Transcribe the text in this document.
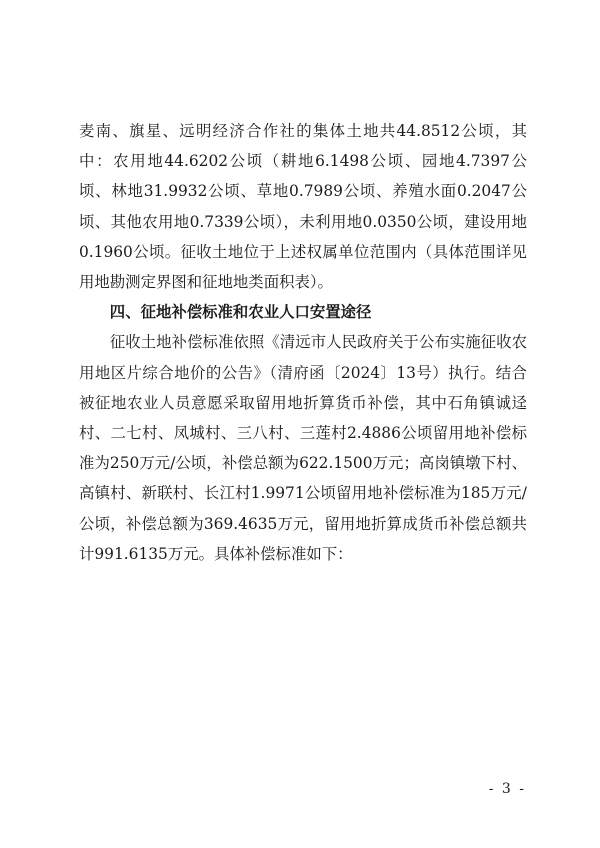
麦南、旗星、远明经济合作社的集体土地共44.8512公顷，其中：农用地44.6202公顷（耕地6.1498公顷、园地4.7397公顷、林地31.9932公顷、草地0.7989公顷、养殖水面0.2047公顷、其他农用地0.7339公顷），未利用地0.0350公顷，建设用地0.1960公顷。征收土地位于上述权属单位范围内（具体范围详见用地勘测定界图和征地地类面积表）。

四、征地补偿标准和农业人口安置途径

征收土地补偿标准依照《清远市人民政府关于公布实施征收农用地区片综合地价的公告》（清府函〔2024〕13号）执行。结合被征地农业人员意愿采取留用地折算货币补偿，其中石角镇诚迳村、二七村、凤城村、三八村、三莲村2.4886公顷留用地补偿标准为250万元/公顷，补偿总额为622.1500万元；高岗镇墩下村、高镇村、新联村、长江村1.9971公顷留用地补偿标准为185万元/公顷，补偿总额为369.4635万元，留用地折算成货币补偿总额共计991.6135万元。具体补偿标准如下：

- 3 -
